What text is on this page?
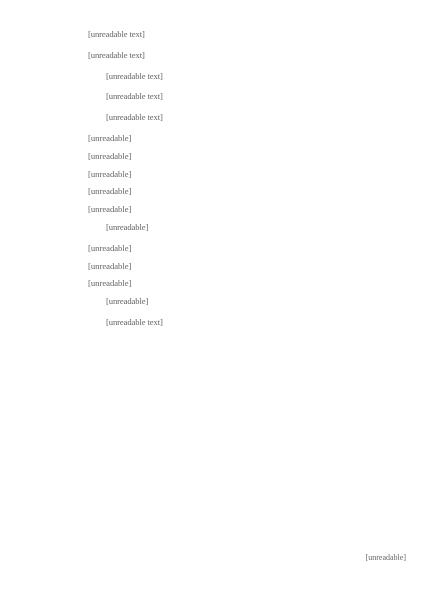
[unreadable text]

[unreadable text]

[unreadable text]

[unreadable text]

[unreadable text]

[unreadable]
[unreadable]
[unreadable]
[unreadable]
[unreadable]

[unreadable]

[unreadable]
[unreadable]
[unreadable]

[unreadable]

[unreadable text]

[unreadable]
